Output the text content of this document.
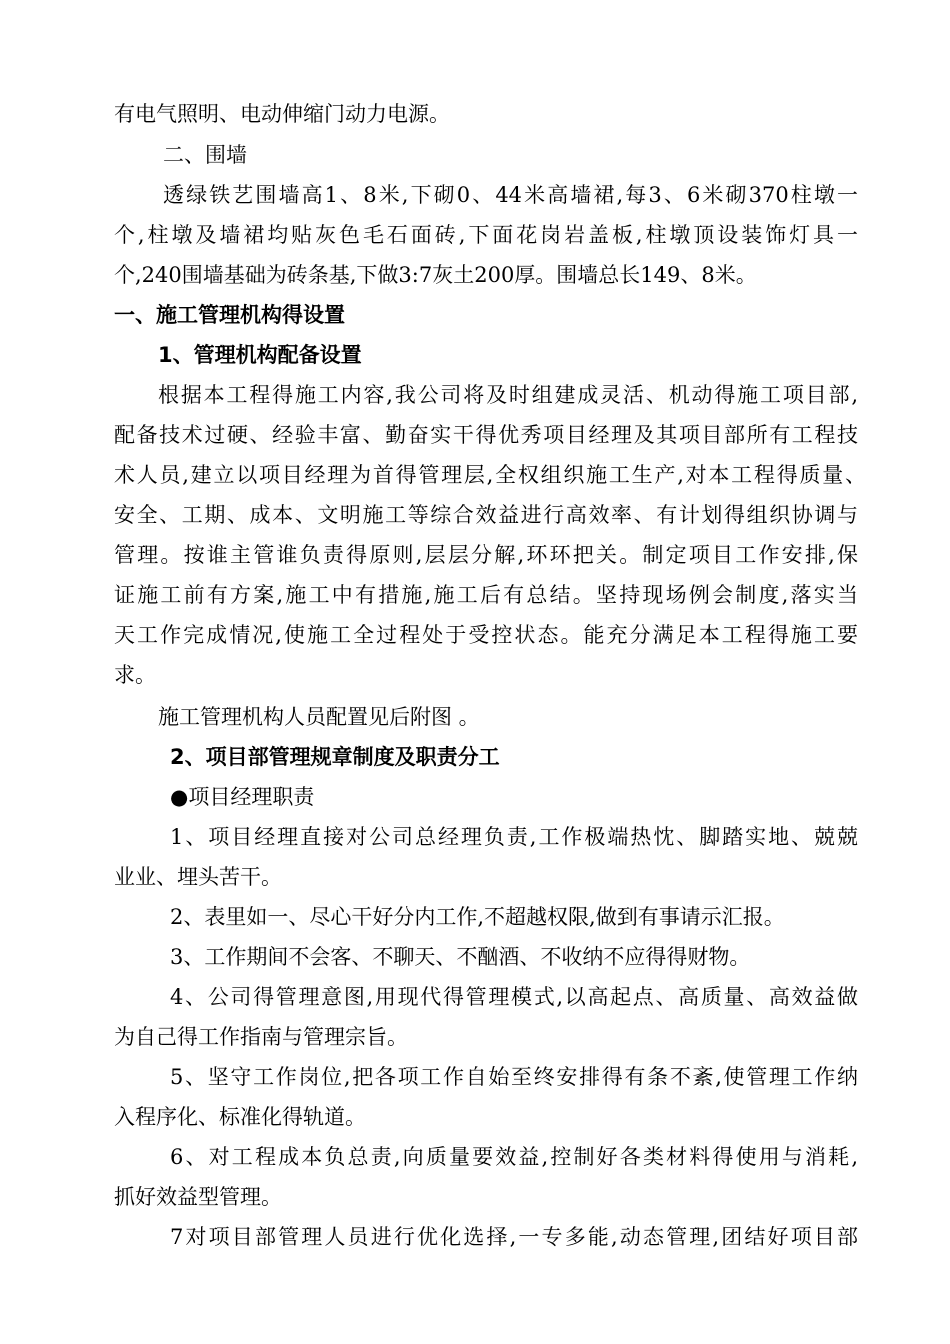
有电气照明、电动伸缩门动力电源。
二、围墙
透绿铁艺围墙高1、8米,下砌0、44米高墙裙,每3、6米砌370柱墩一
个,柱墩及墙裙均贴灰色毛石面砖,下面花岗岩盖板,柱墩顶设装饰灯具一
个,240围墙基础为砖条基,下做3:7灰土200厚。围墙总长149、8米。
一、施工管理机构得设置
1、管理机构配备设置
根据本工程得施工内容,我公司将及时组建成灵活、机动得施工项目部,
配备技术过硬、经验丰富、勤奋实干得优秀项目经理及其项目部所有工程技
术人员,建立以项目经理为首得管理层,全权组织施工生产,对本工程得质量、
安全、工期、成本、文明施工等综合效益进行高效率、有计划得组织协调与
管理。按谁主管谁负责得原则,层层分解,环环把关。制定项目工作安排,保
证施工前有方案,施工中有措施,施工后有总结。坚持现场例会制度,落实当
天工作完成情况,使施工全过程处于受控状态。能充分满足本工程得施工要
求。
施工管理机构人员配置见后附图 。
2、项目部管理规章制度及职责分工
●项目经理职责
1、项目经理直接对公司总经理负责,工作极端热忱、脚踏实地、兢兢
业业、埋头苦干。
2、表里如一、尽心干好分内工作,不超越权限,做到有事请示汇报。
3、工作期间不会客、不聊天、不酗酒、不收纳不应得得财物。
4、公司得管理意图,用现代得管理模式,以高起点、高质量、高效益做
为自己得工作指南与管理宗旨。
5、坚守工作岗位,把各项工作自始至终安排得有条不紊,使管理工作纳
入程序化、标准化得轨道。
6、对工程成本负总责,向质量要效益,控制好各类材料得使用与消耗,
抓好效益型管理。
7对项目部管理人员进行优化选择,一专多能,动态管理,团结好项目部
